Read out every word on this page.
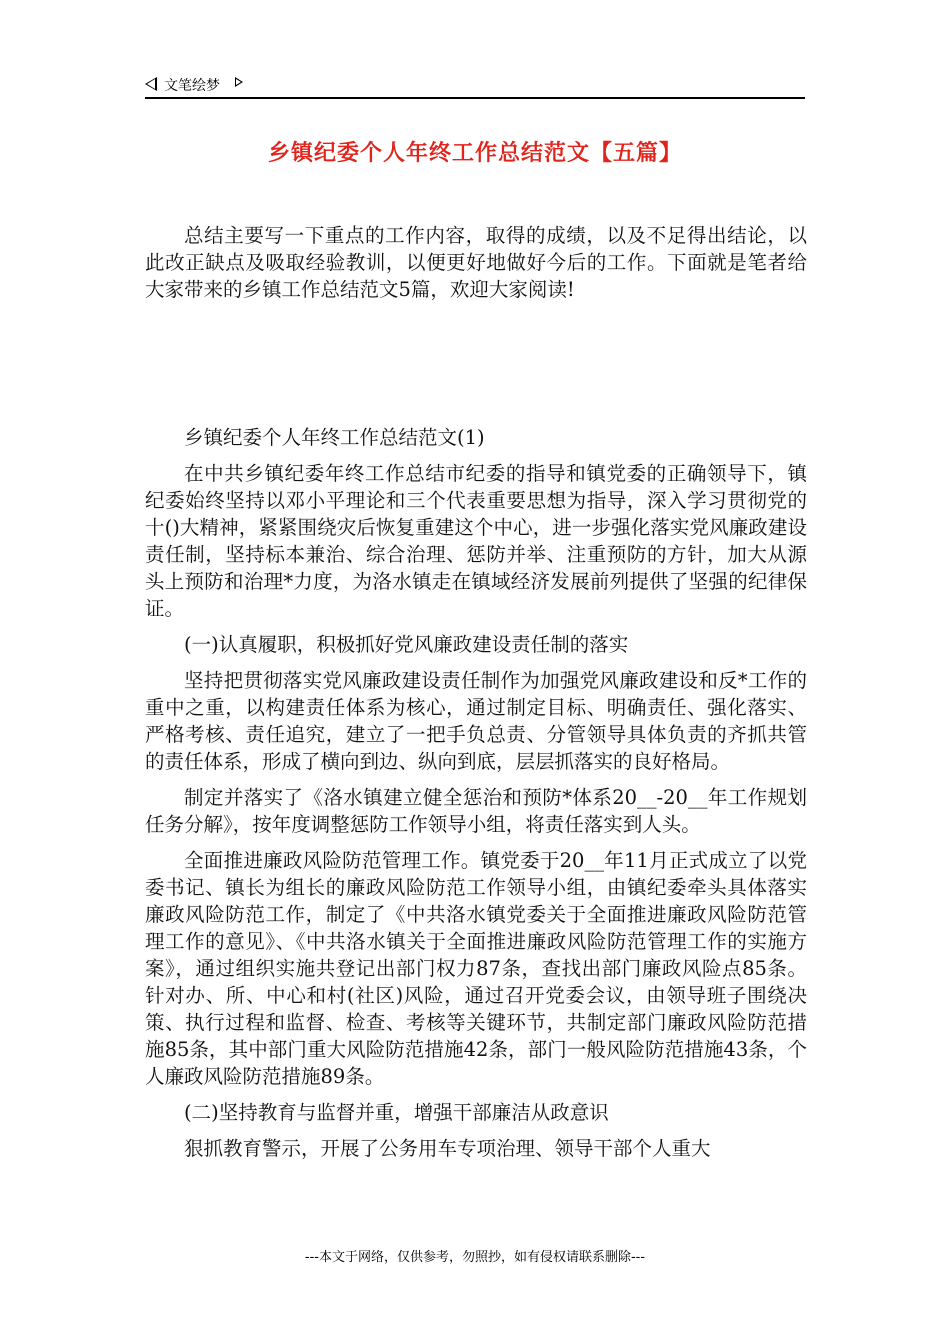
文笔绘梦
乡镇纪委个人年终工作总结范文【五篇】

总结主要写一下重点的工作内容，取得的成绩，以及不足得出结论，以此改正缺点及吸取经验教训，以便更好地做好今后的工作。下面就是笔者给大家带来的乡镇工作总结范文5篇，欢迎大家阅读!

乡镇纪委个人年终工作总结范文(1)

在中共乡镇纪委年终工作总结市纪委的指导和镇党委的正确领导下，镇纪委始终坚持以邓小平理论和三个代表重要思想为指导，深入学习贯彻党的十()大精神，紧紧围绕灾后恢复重建这个中心，进一步强化落实党风廉政建设责任制，坚持标本兼治、综合治理、惩防并举、注重预防的方针，加大从源头上预防和治理*力度，为洛水镇走在镇域经济发展前列提供了坚强的纪律保证。

(一)认真履职，积极抓好党风廉政建设责任制的落实

坚持把贯彻落实党风廉政建设责任制作为加强党风廉政建设和反*工作的重中之重，以构建责任体系为核心，通过制定目标、明确责任、强化落实、严格考核、责任追究，建立了一把手负总责、分管领导具体负责的齐抓共管的责任体系，形成了横向到边、纵向到底，层层抓落实的良好格局。

制定并落实了《洛水镇建立健全惩治和预防*体系20__-20__年工作规划任务分解》，按年度调整惩防工作领导小组，将责任落实到人头。

全面推进廉政风险防范管理工作。镇党委于20__年11月正式成立了以党委书记、镇长为组长的廉政风险防范工作领导小组，由镇纪委牵头具体落实廉政风险防范工作，制定了《中共洛水镇党委关于全面推进廉政风险防范管理工作的意见》、《中共洛水镇关于全面推进廉政风险防范管理工作的实施方案》，通过组织实施共登记出部门权力87条，查找出部门廉政风险点85条。针对办、所、中心和村(社区)风险，通过召开党委会议，由领导班子围绕决策、执行过程和监督、检查、考核等关键环节，共制定部门廉政风险防范措施85条，其中部门重大风险防范措施42条，部门一般风险防范措施43条，个人廉政风险防范措施89条。

(二)坚持教育与监督并重，增强干部廉洁从政意识

狠抓教育警示，开展了公务用车专项治理、领导干部个人重大

---本文于网络，仅供参考，勿照抄，如有侵权请联系删除---
